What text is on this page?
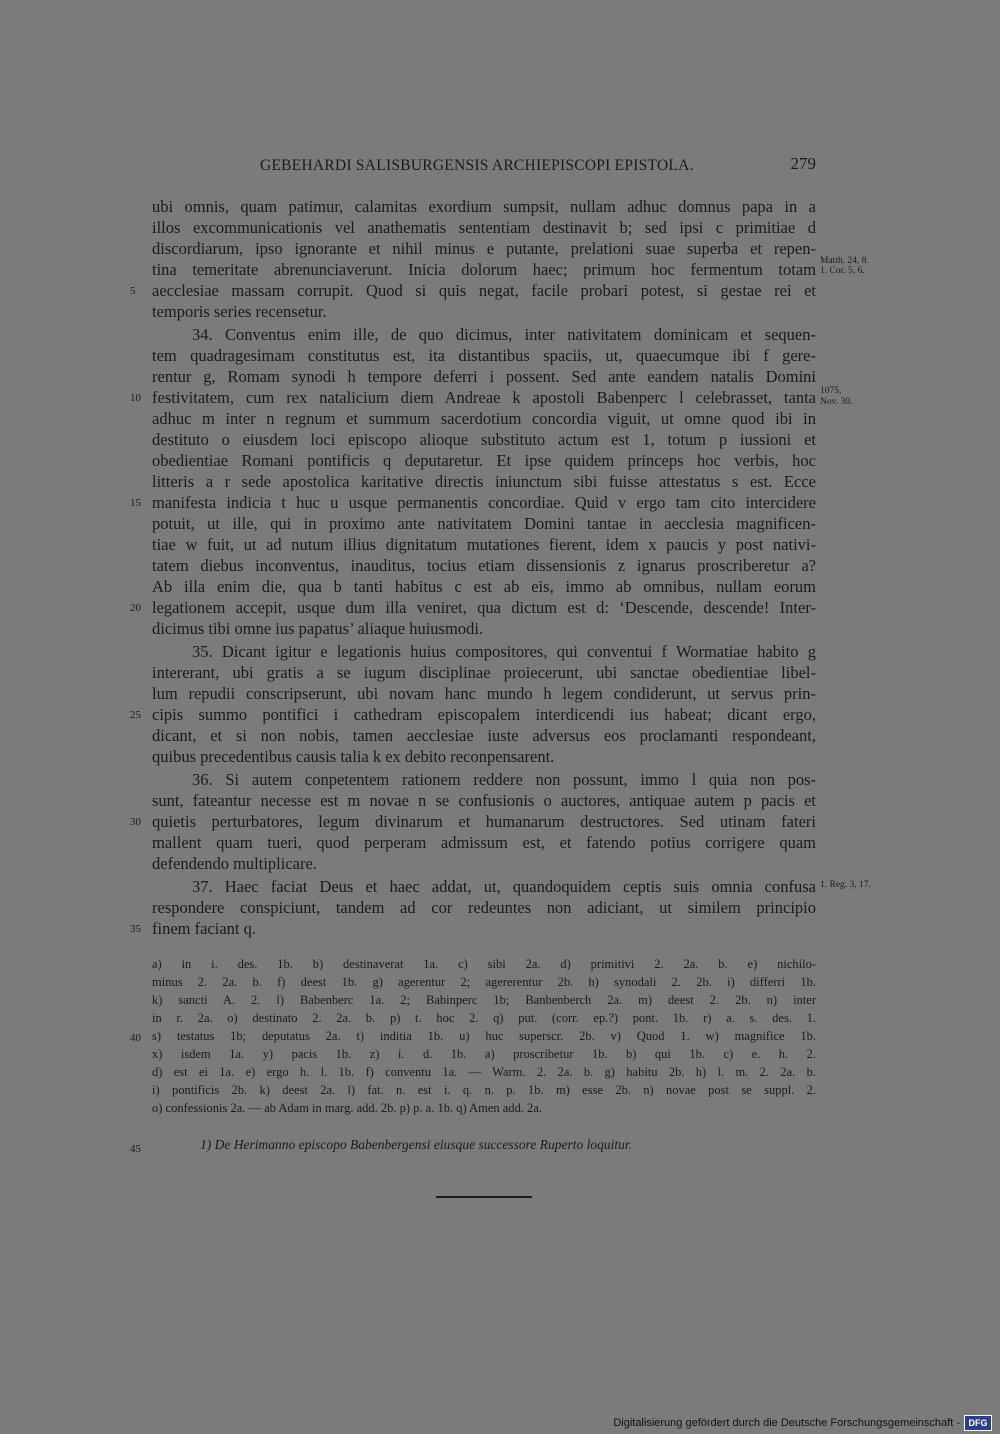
GEBEHARDI SALISBURGENSIS ARCHIEPISCOPI EPISTOLA.	279
ubi omnis, quam patimur, calamitas exordium sumpsit, nullam adhuc domnus papa in a
illos excommunicationis vel anathematis sententiam destinavit b; sed ipsi c primitiae d
discordiarum, ipso ignorante et nihil minus e putante, prelationi suae superba et repen-
tina temeritate abrenunciaverunt. Inicia dolorum haec; primum hoc fermentum totam
aecclesiae massam corrupit. Quod si quis negat, facile probari potest, si gestae rei et
temporis series recensetur.
34. Conventus enim ille, de quo dicimus, inter nativitatem dominicam et sequen-
tem quadragesimam constitutus est, ita distantibus spaciis, ut, quaecumque ibi f gere-
rentur g, Romam synodi h tempore deferri i possent. Sed ante eandem natalis Domini
festivitatem, cum rex natalicium diem Andreae k apostoli Babenperc l celebrasset, tanta
adhuc m inter n regnum et summum sacerdotium concordia viguit, ut omne quod ibi in
destituto o eiusdem loci episcopo alioque substituto actum est 1, totum p iussioni et
obedientiae Romani pontificis q deputaretur. Et ipse quidem princeps hoc verbis, hoc
litteris a r sede apostolica karitative directis iniunctum sibi fuisse attestatus s est. Ecce
manifesta indicia t huc u usque permanentis concordiae. Quid v ergo tam cito intercidere
potuit, ut ille, qui in proximo ante nativitatem Domini tantae in aecclesia magnificen-
tiae w fuit, ut ad nutum illius dignitatum mutationes fierent, idem x paucis y post nativi-
tatem diebus inconventus, inauditus, tocius etiam dissensionis z ignarus proscriberetur a?
Ab illa enim die, qua b tanti habitus c est ab eis, immo ab omnibus, nullam eorum
legationem accepit, usque dum illa veniret, qua dictum est d: ‘Descende, descende! Inter-
dicimus tibi omne ius papatus’ aliaque huiusmodi.
35. Dicant igitur e legationis huius compositores, qui conventui f Wormatiae habito g
intererant, ubi gratis a se iugum disciplinae proiecerunt, ubi sanctae obedientiae libel-
lum repudii conscripserunt, ubi novam hanc mundo h legem condiderunt, ut servus prin-
cipis summo pontifici i cathedram episcopalem interdicendi ius habeat; dicant ergo,
dicant, et si non nobis, tamen aecclesiae iuste adversus eos proclamanti respondeant,
quibus precedentibus causis talia k ex debito reconpensarent.
36. Si autem conpetentem rationem reddere non possunt, immo l quia non pos-
sunt, fateantur necesse est m novae n se confusionis o auctores, antiquae autem p pacis et
quietis perturbatores, legum divinarum et humanarum destructores. Sed utinam fateri
mallent quam tueri, quod perperam admissum est, et fatendo potius corrigere quam
defendendo multiplicare.
37. Haec faciat Deus et haec addat, ut, quandoquidem ceptis suis omnia confusa
respondere conspiciunt, tandem ad cor redeuntes non adiciant, ut similem principio
finem faciant q.
5
10
15
20
25
30
35
40
45
Matth. 24, 8.
1. Cor. 5, 6.
1075,
Nov. 30.
1. Reg. 3, 17.
a) in i. des. 1b. b) destinaverat 1a. c) sibi 2a. d) primitivi 2. 2a. b. e) nichilo-
minus 2. 2a. b. f) deest 1b. g) agerentur 2; agererentur 2b. h) synodali 2. 2b. i) differri 1b.
k) sancti A. 2. l) Babenberc 1a. 2; Babinperc 1b; Banbenberch 2a. m) deest 2. 2b. n) inter
in r. 2a. o) destinato 2. 2a. b. p) t. hoc 2. q) put. (corr. ep.?) pont. 1b. r) a. s. des. 1.
s) testatus 1b; deputatus 2a. t) inditia 1b. u) huc superscr. 2b. v) Quod 1. w) magnifice 1b.
x) isdem 1a. y) pacis 1b. z) i. d. 1b. a) proscribetur 1b. b) qui 1b. c) e. h. 2.
d) est ei 1a. e) ergo h. l. 1b. f) conventu 1a. — Warm. 2. 2a. b. g) habitu 2b. h) l. m. 2. 2a. b.
i) pontificis 2b. k) deest 2a. l) fat. n. est i. q. n. p. 1b. m) esse 2b. n) novae post se suppl. 2.
o) confessionis 2a. — ab Adam in marg. add. 2b. p) p. a. 1b. q) Amen add. 2a.
1) De Herimanno episcopo Babenbergensi eiusque successore Ruperto loquitur.
Digitalisierung gefördert durch die Deutsche Forschungsgemeinschaft - DFG
